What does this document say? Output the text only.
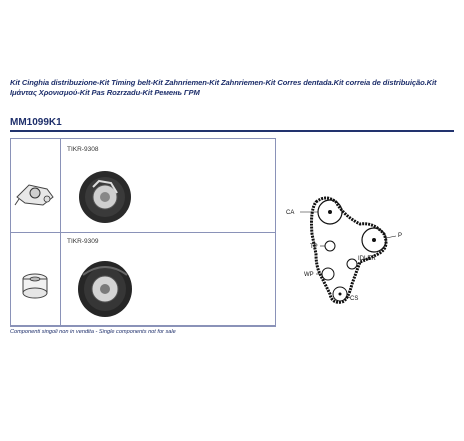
Kit Cinghia distribuzione-Kit Timing belt-Kit Zahnriemen-Kit Zahnriemen-Kit Corres dentada.Kit correia de distribuição.Kit Ιμάντας Χρονισμού-Kit Pas Rozrzadu-Kit Ремень ГРМ
MM1099K1
TIKR-9308
TIKR-9309
Componenti singoli non in vendita - Single components not for sale
CA
P
TP
IDLER
WP
CS
